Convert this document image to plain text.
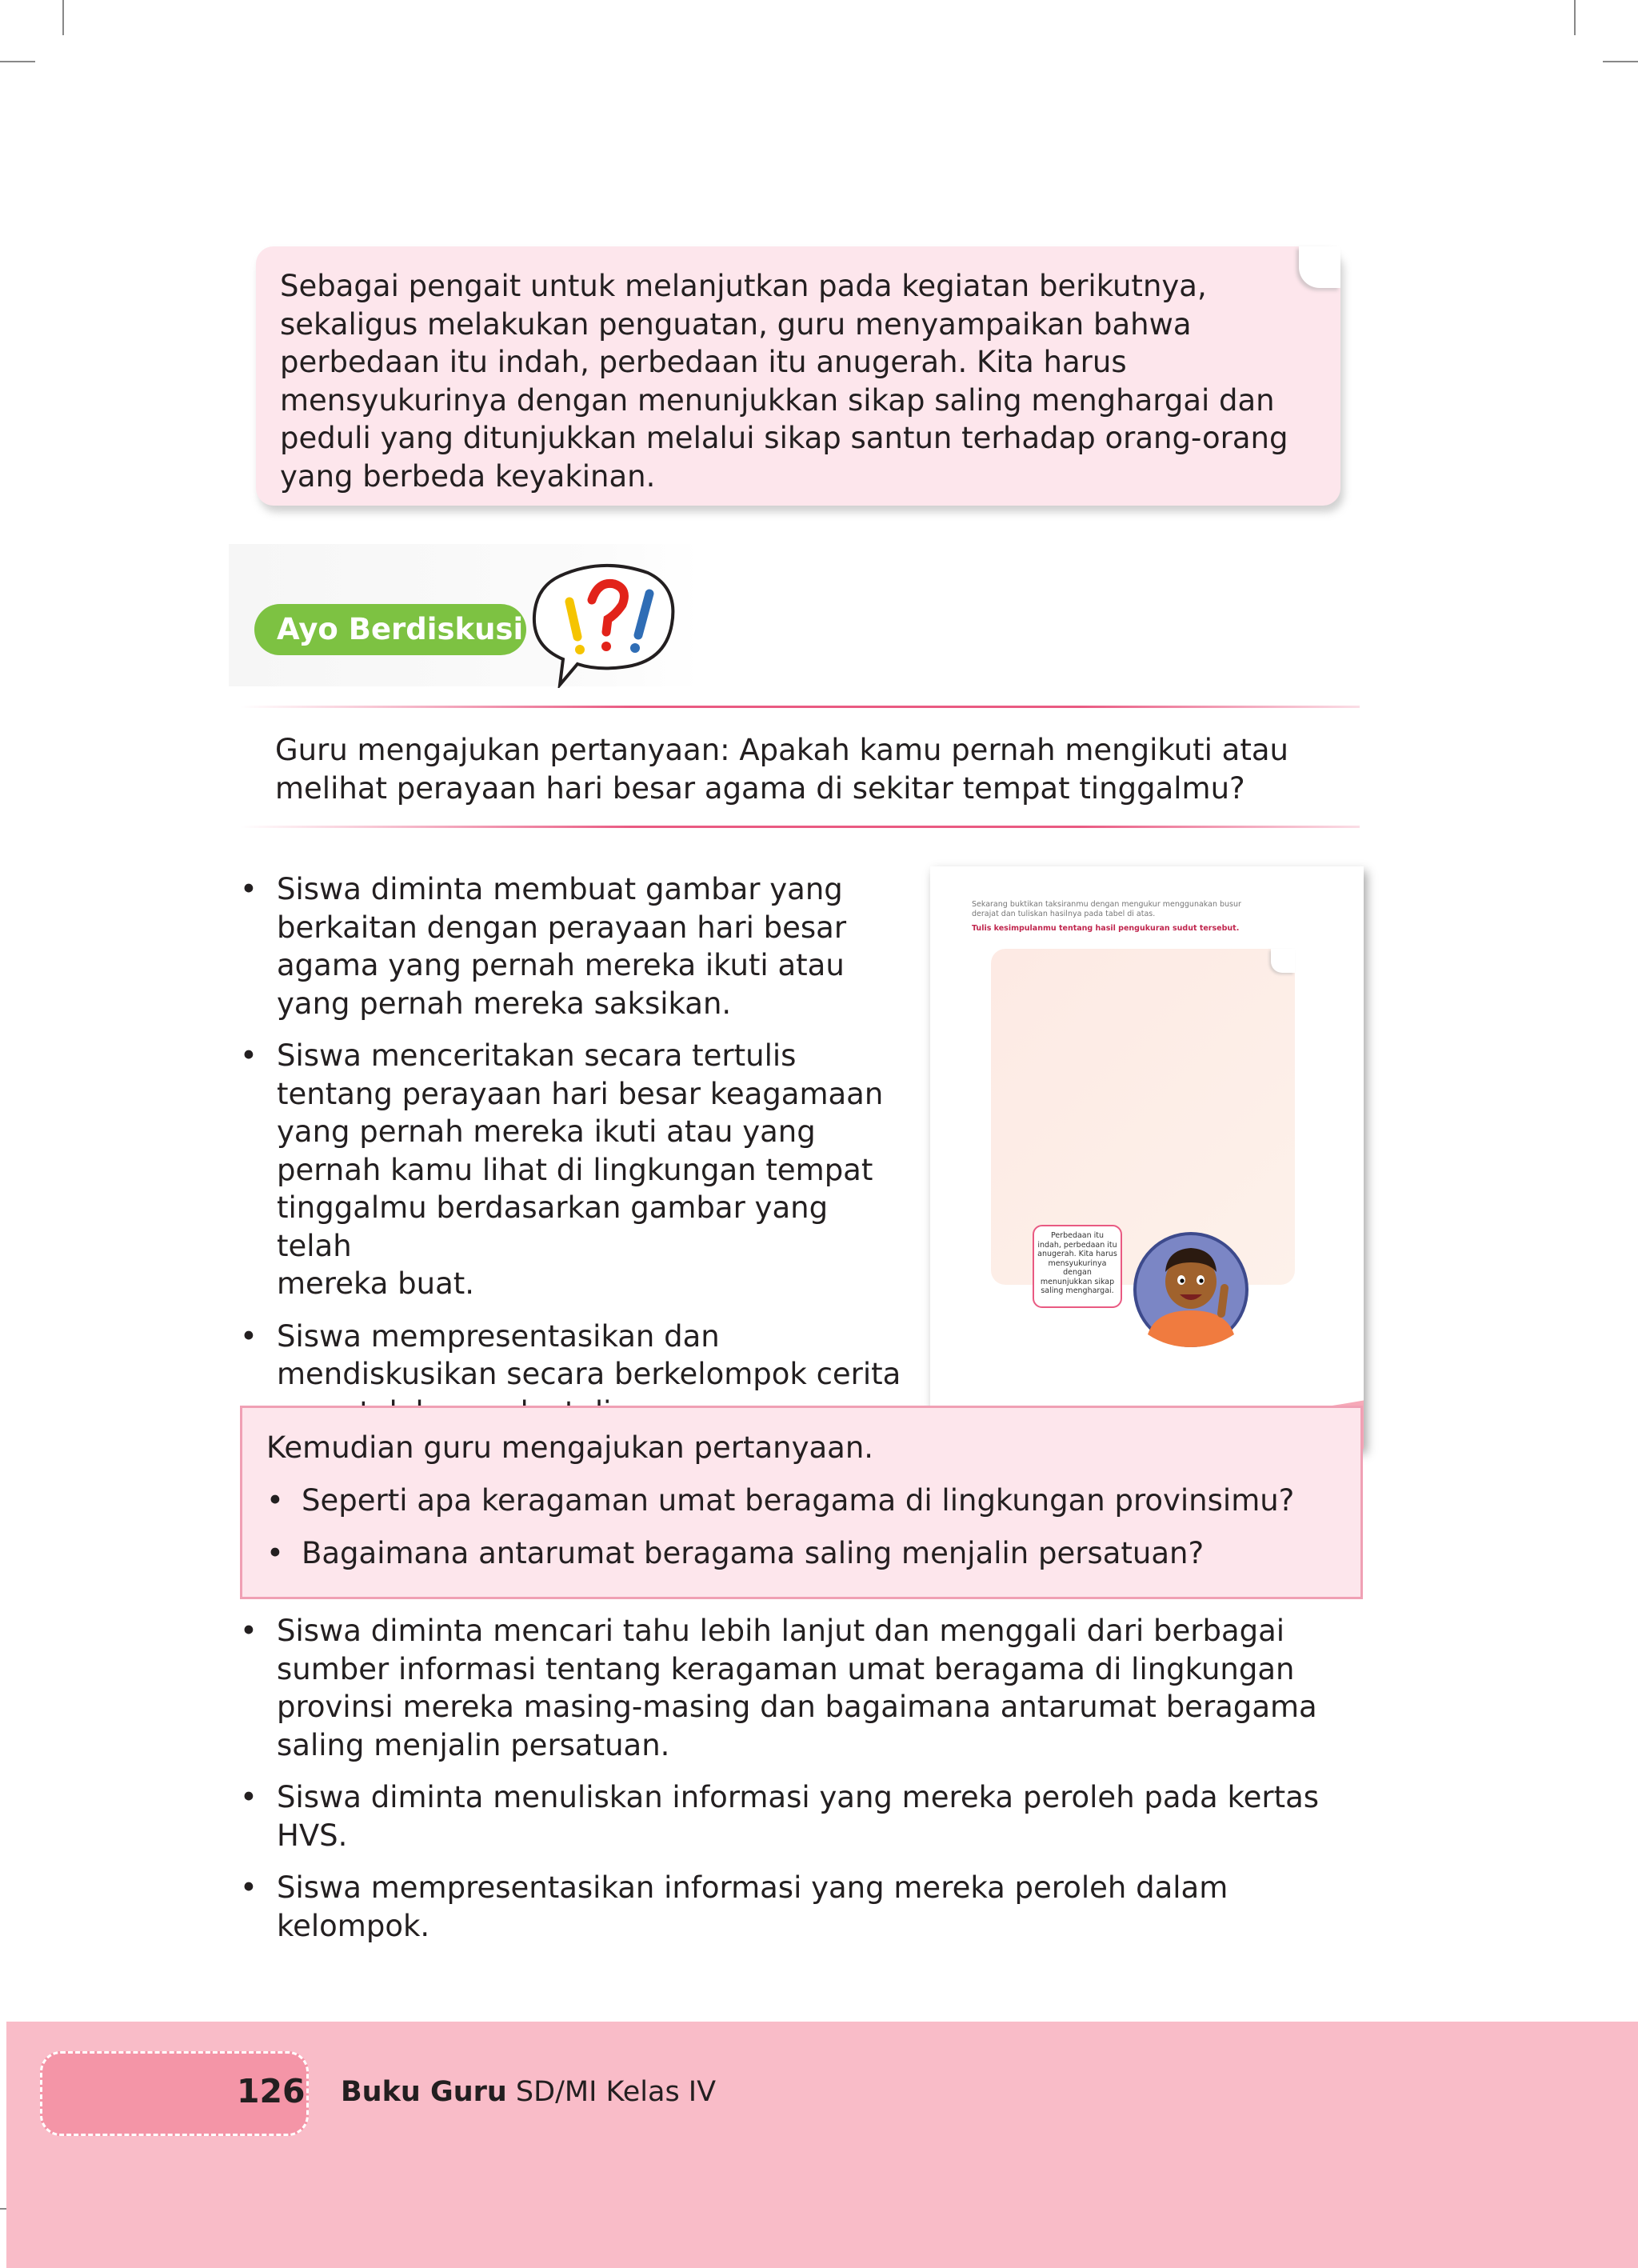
Sebagai pengait untuk melanjutkan pada kegiatan berikutnya,
sekaligus melakukan penguatan, guru menyampaikan bahwa
perbedaan itu indah, perbedaan itu anugerah. Kita harus
mensyukurinya dengan menunjukkan sikap saling menghargai dan
peduli yang ditunjukkan melalui sikap santun terhadap orang-orang
yang berbeda keyakinan.
Ayo Berdiskusi
Guru mengajukan pertanyaan: Apakah kamu pernah mengikuti atau
melihat perayaan hari besar agama di sekitar tempat tinggalmu?
• Siswa diminta membuat gambar yang
berkaitan dengan perayaan hari besar
agama yang pernah mereka ikuti atau
yang pernah mereka saksikan.
• Siswa menceritakan secara tertulis
tentang perayaan hari besar keagamaan
yang pernah mereka ikuti atau yang
pernah kamu lihat di lingkungan tempat
tinggalmu berdasarkan gambar yang telah
mereka buat.
• Siswa mempresentasikan dan
mendiskusikan secara berkelompok cerita

Sekarang buktikan taksiranmu dengan mengukur menggunakan busur
derajat dan tuliskan hasilnya pada tabel di atas.
Tulis kesimpulanmu tentang hasil pengukuran sudut tersebut.
Perbedaan itu
indah, perbedaan itu
anugerah. Kita harus
mensyukurinya
dengan
menunjukkan sikap
saling menghargai.
Kemudian guru mengajukan pertanyaan.
• Seperti apa keragaman umat beragama di lingkungan provinsimu?
• Bagaimana antarumat beragama saling menjalin persatuan?
• Siswa diminta mencari tahu lebih lanjut dan menggali dari berbagai
sumber informasi tentang keragaman umat beragama di lingkungan
provinsi mereka masing-masing dan bagaimana antarumat beragama
saling menjalin persatuan.
• Siswa diminta menuliskan informasi yang mereka peroleh pada kertas
HVS.
• Siswa mempresentasikan informasi yang mereka peroleh dalam
kelompok.
126 Buku Guru SD/MI Kelas IV
